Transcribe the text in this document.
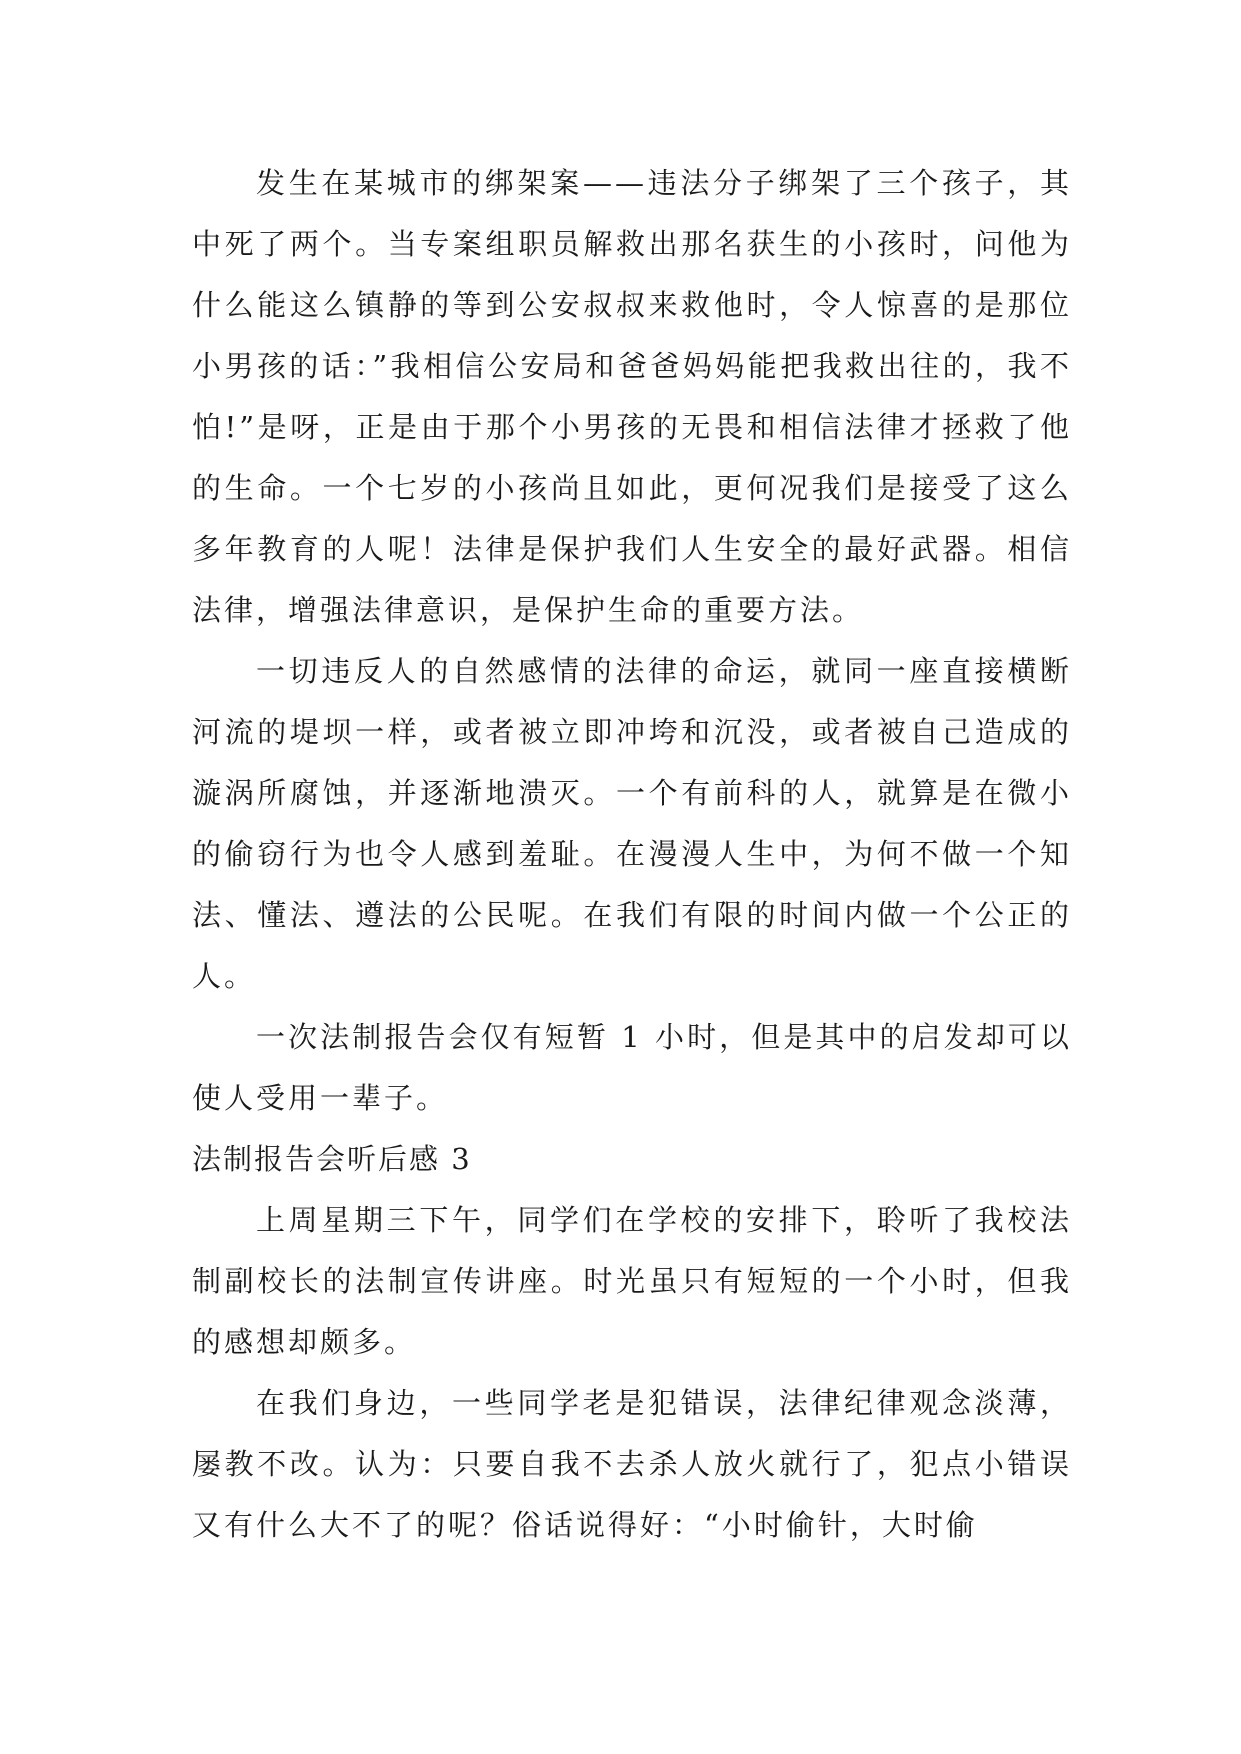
发生在某城市的绑架案——违法分子绑架了三个孩子，其中死了两个。当专案组职员解救出那名获生的小孩时，问他为什么能这么镇静的等到公安叔叔来救他时，令人惊喜的是那位小男孩的话：”我相信公安局和爸爸妈妈能把我救出往的，我不怕!”是呀，正是由于那个小男孩的无畏和相信法律才拯救了他的生命。一个七岁的小孩尚且如此，更何况我们是接受了这么多年教育的人呢！法律是保护我们人生安全的最好武器。相信法律，增强法律意识，是保护生命的重要方法。

一切违反人的自然感情的法律的命运，就同一座直接横断河流的堤坝一样，或者被立即冲垮和沉没，或者被自己造成的漩涡所腐蚀，并逐渐地溃灭。一个有前科的人，就算是在微小的偷窃行为也令人感到羞耻。在漫漫人生中，为何不做一个知法、懂法、遵法的公民呢。在我们有限的时间内做一个公正的人。

一次法制报告会仅有短暂 1 小时，但是其中的启发却可以使人受用一辈子。

法制报告会听后感 3

上周星期三下午，同学们在学校的安排下，聆听了我校法制副校长的法制宣传讲座。时光虽只有短短的一个小时，但我的感想却颇多。

在我们身边，一些同学老是犯错误，法律纪律观念淡薄，屡教不改。认为：只要自我不去杀人放火就行了，犯点小错误又有什么大不了的呢？俗话说得好：“小时偷针，大时偷
